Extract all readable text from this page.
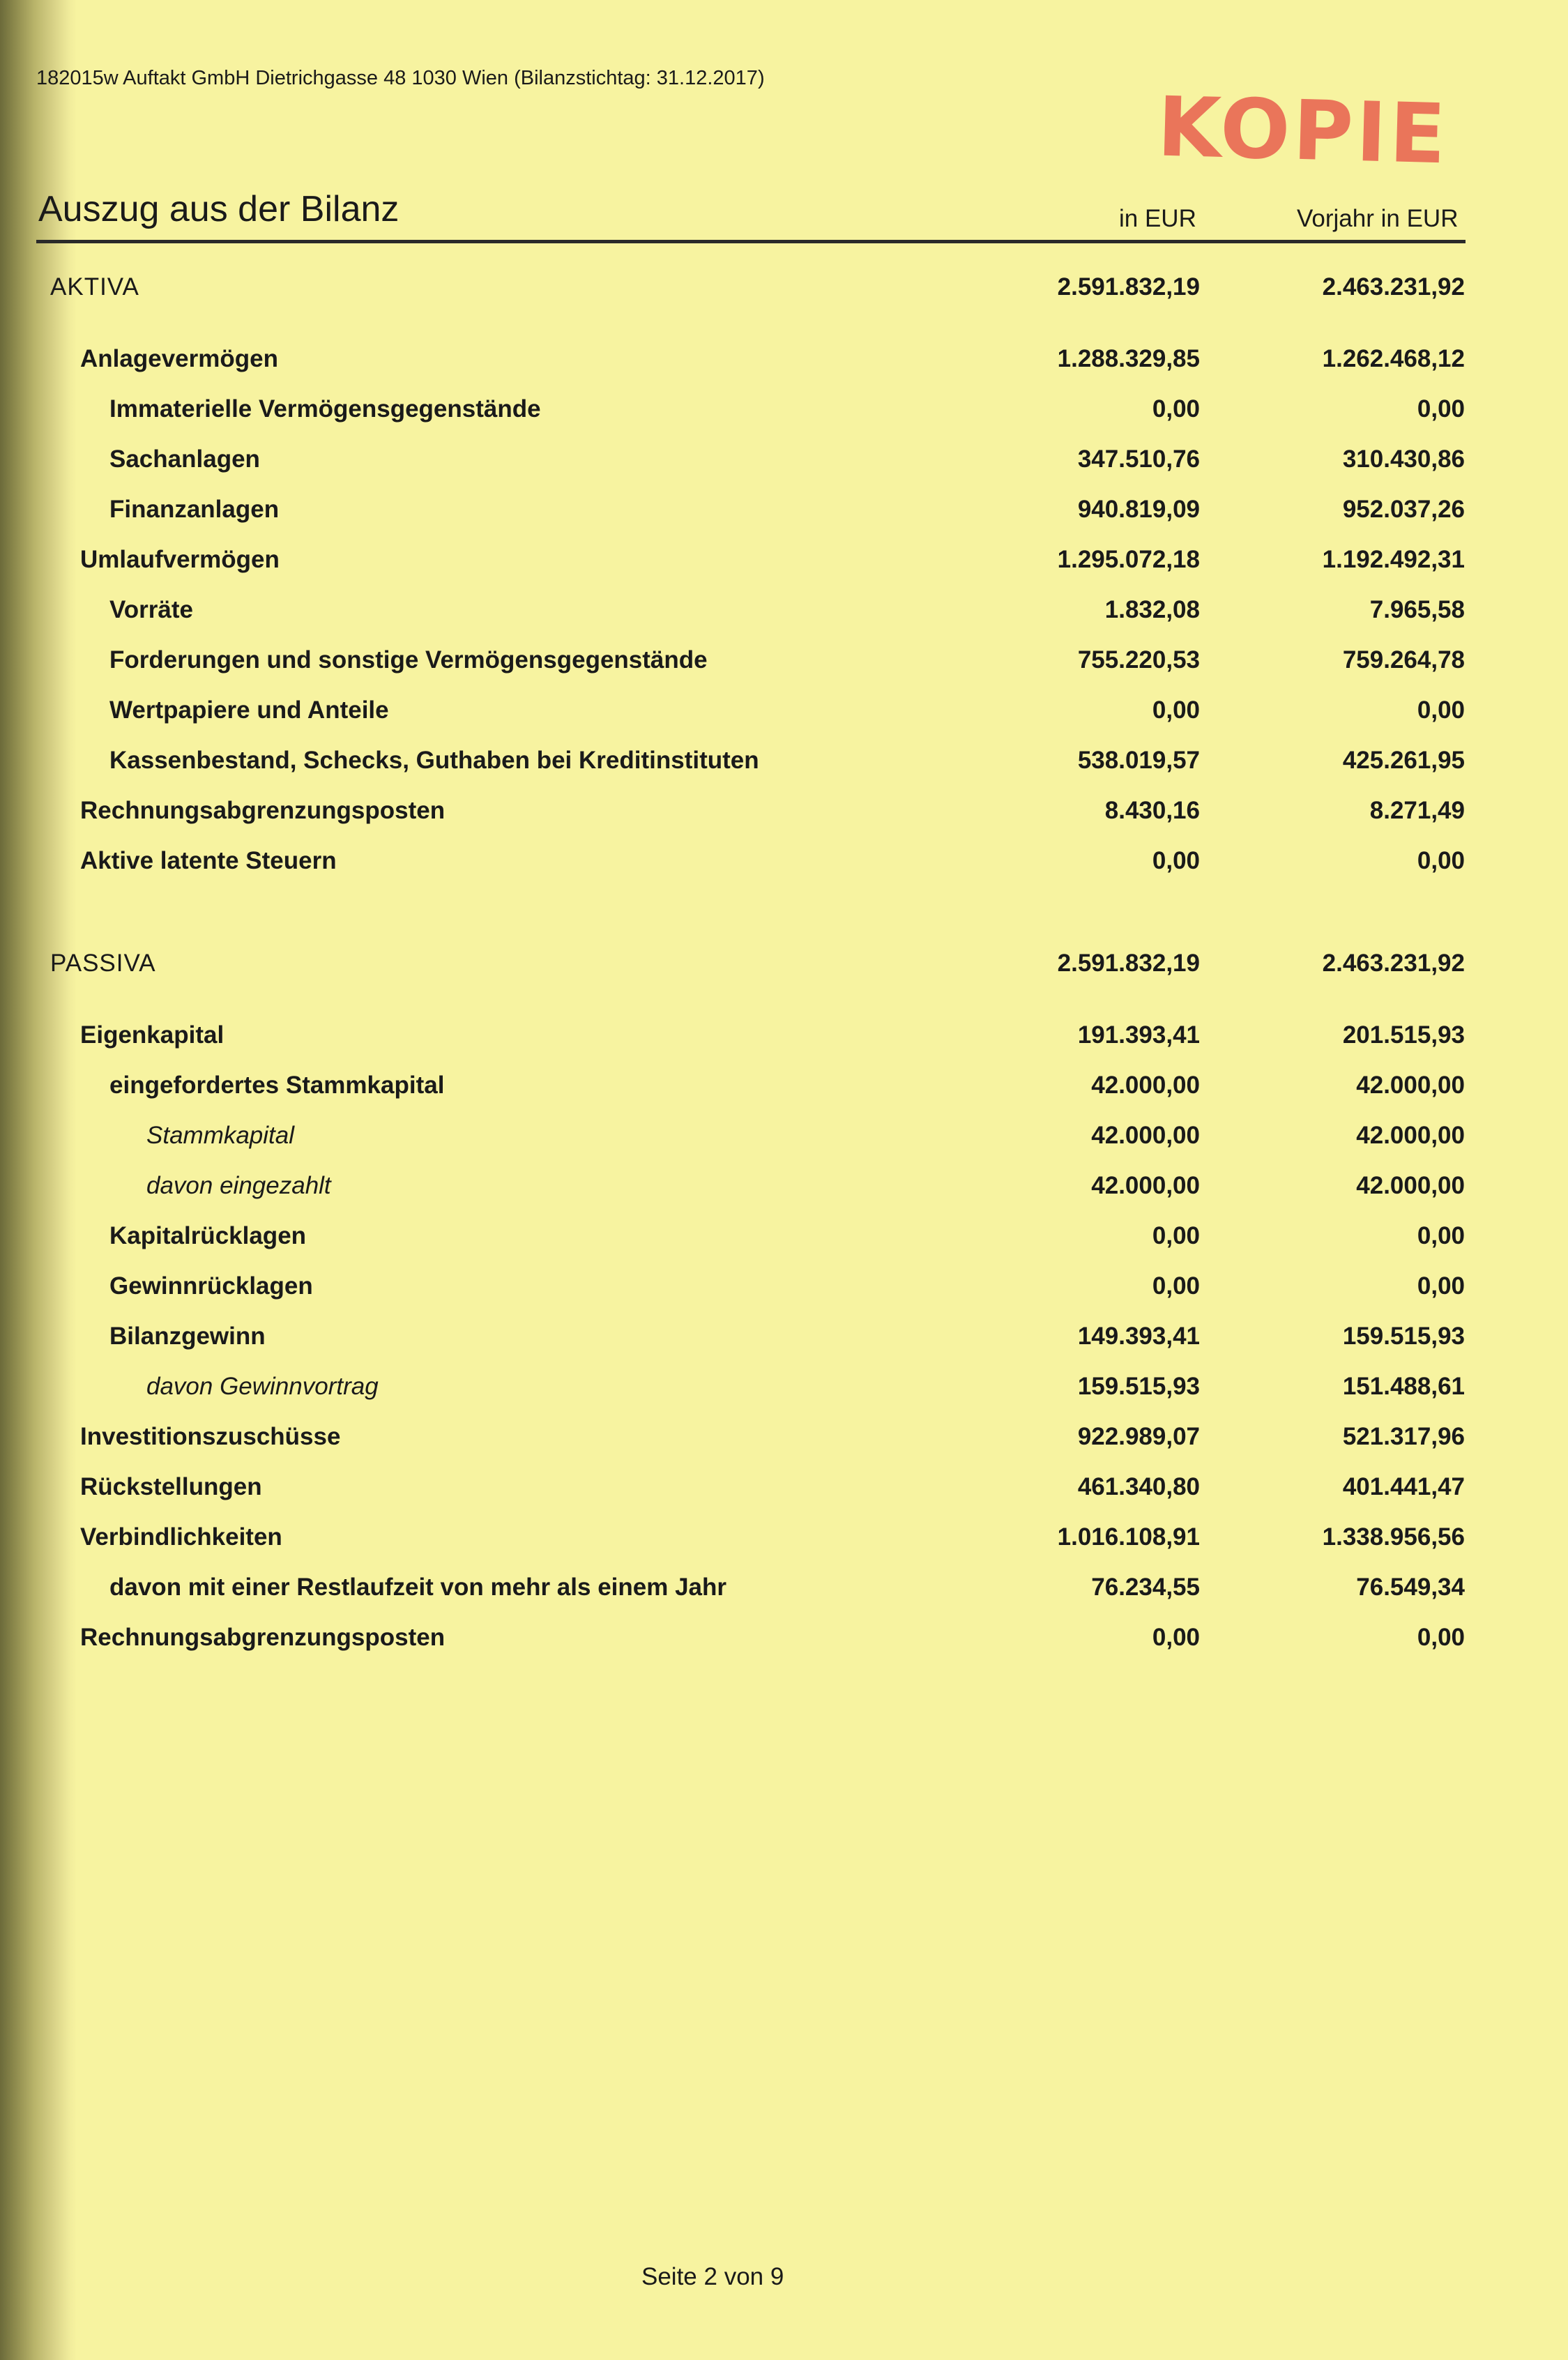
182015w Auftakt GmbH Dietrichgasse 48 1030 Wien (Bilanzstichtag: 31.12.2017)
KOPIE
Auszug aus der Bilanz	in EUR	Vorjahr in EUR
AKTIVA	2.591.832,19	2.463.231,92
Anlagevermögen	1.288.329,85	1.262.468,12
Immaterielle Vermögensgegenstände	0,00	0,00
Sachanlagen	347.510,76	310.430,86
Finanzanlagen	940.819,09	952.037,26
Umlaufvermögen	1.295.072,18	1.192.492,31
Vorräte	1.832,08	7.965,58
Forderungen und sonstige Vermögensgegenstände	755.220,53	759.264,78
Wertpapiere und Anteile	0,00	0,00
Kassenbestand, Schecks, Guthaben bei Kreditinstituten	538.019,57	425.261,95
Rechnungsabgrenzungsposten	8.430,16	8.271,49
Aktive latente Steuern	0,00	0,00
PASSIVA	2.591.832,19	2.463.231,92
Eigenkapital	191.393,41	201.515,93
eingefordertes Stammkapital	42.000,00	42.000,00
Stammkapital	42.000,00	42.000,00
davon eingezahlt	42.000,00	42.000,00
Kapitalrücklagen	0,00	0,00
Gewinnrücklagen	0,00	0,00
Bilanzgewinn	149.393,41	159.515,93
davon Gewinnvortrag	159.515,93	151.488,61
Investitionszuschüsse	922.989,07	521.317,96
Rückstellungen	461.340,80	401.441,47
Verbindlichkeiten	1.016.108,91	1.338.956,56
davon mit einer Restlaufzeit von mehr als einem Jahr	76.234,55	76.549,34
Rechnungsabgrenzungsposten	0,00	0,00
Seite 2 von 9
